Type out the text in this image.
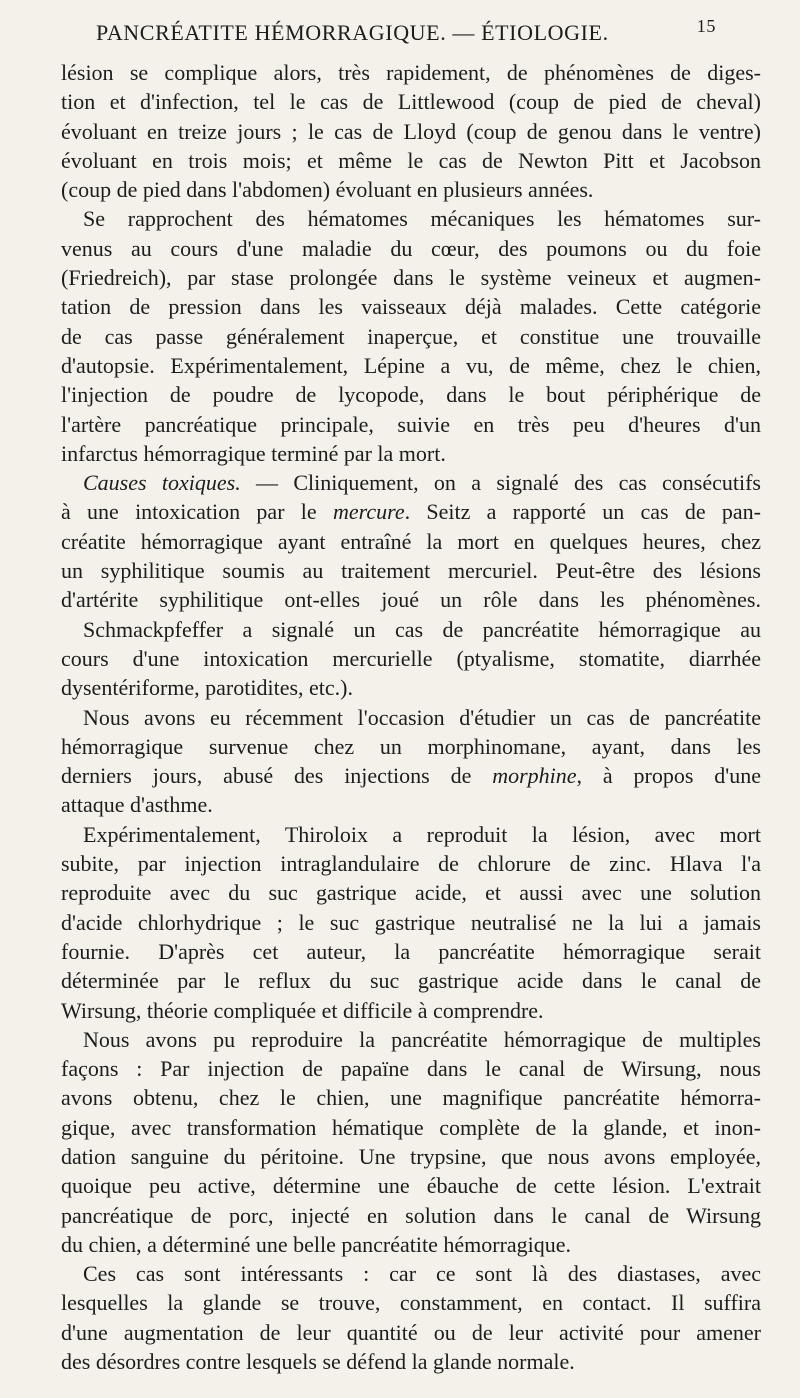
PANCRÉATITE HÉMORRAGIQUE. — ÉTIOLOGIE.	15
lésion se complique alors, très rapidement, de phénomènes de diges-
tion et d'infection, tel le cas de Littlewood (coup de pied de cheval)
évoluant en treize jours ; le cas de Lloyd (coup de genou dans le ventre)
évoluant en trois mois; et même le cas de Newton Pitt et Jacobson
(coup de pied dans l'abdomen) évoluant en plusieurs années.
Se rapprochent des hématomes mécaniques les hématomes sur-
venus au cours d'une maladie du cœur, des poumons ou du foie
(Friedreich), par stase prolongée dans le système veineux et augmen-
tation de pression dans les vaisseaux déjà malades. Cette catégorie
de cas passe généralement inaperçue, et constitue une trouvaille
d'autopsie. Expérimentalement, Lépine a vu, de même, chez le chien,
l'injection de poudre de lycopode, dans le bout périphérique de
l'artère pancréatique principale, suivie en très peu d'heures d'un
infarctus hémorragique terminé par la mort.
Causes toxiques. — Cliniquement, on a signalé des cas consécutifs
à une intoxication par le mercure. Seitz a rapporté un cas de pan-
créatite hémorragique ayant entraîné la mort en quelques heures, chez
un syphilitique soumis au traitement mercuriel. Peut-être des lésions
d'artérite syphilitique ont-elles joué un rôle dans les phénomènes.
Schmackpfeffer a signalé un cas de pancréatite hémorragique au
cours d'une intoxication mercurielle (ptyalisme, stomatite, diarrhée
dysentériforme, parotidites, etc.).
Nous avons eu récemment l'occasion d'étudier un cas de pancréatite
hémorragique survenue chez un morphinomane, ayant, dans les
derniers jours, abusé des injections de morphine, à propos d'une
attaque d'asthme.
Expérimentalement, Thiroloix a reproduit la lésion, avec mort
subite, par injection intraglandulaire de chlorure de zinc. Hlava l'a
reproduite avec du suc gastrique acide, et aussi avec une solution
d'acide chlorhydrique ; le suc gastrique neutralisé ne la lui a jamais
fournie. D'après cet auteur, la pancréatite hémorragique serait
déterminée par le reflux du suc gastrique acide dans le canal de
Wirsung, théorie compliquée et difficile à comprendre.
Nous avons pu reproduire la pancréatite hémorragique de multiples
façons : Par injection de papaïne dans le canal de Wirsung, nous
avons obtenu, chez le chien, une magnifique pancréatite hémorra-
gique, avec transformation hématique complète de la glande, et inon-
dation sanguine du péritoine. Une trypsine, que nous avons employée,
quoique peu active, détermine une ébauche de cette lésion. L'extrait
pancréatique de porc, injecté en solution dans le canal de Wirsung
du chien, a déterminé une belle pancréatite hémorragique.
Ces cas sont intéressants : car ce sont là des diastases, avec
lesquelles la glande se trouve, constamment, en contact. Il suffira
d'une augmentation de leur quantité ou de leur activité pour amener
des désordres contre lesquels se défend la glande normale.
